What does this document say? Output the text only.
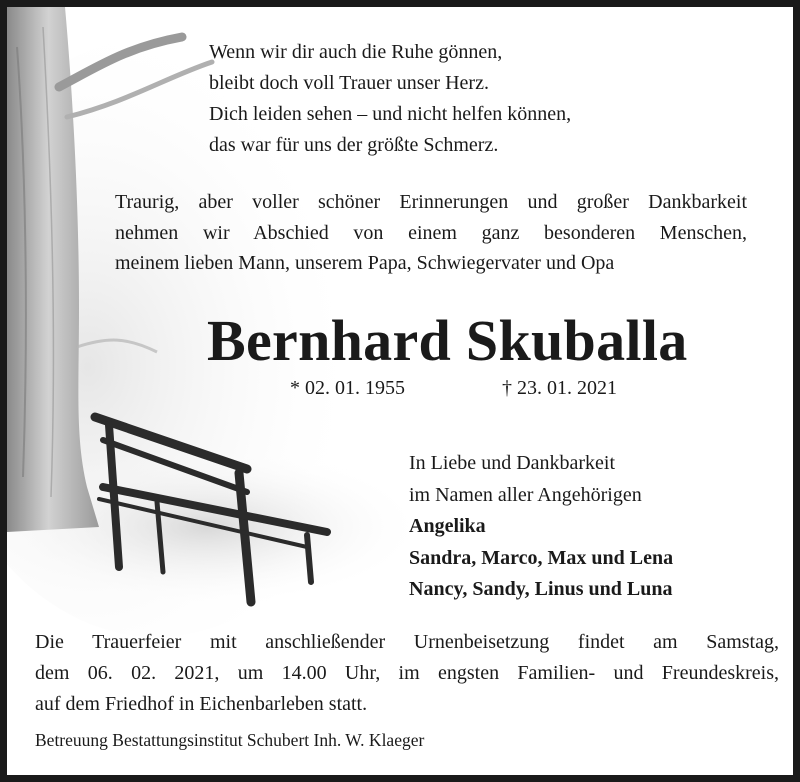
Wenn wir dir auch die Ruhe gönnen,
bleibt doch voll Trauer unser Herz.
Dich leiden sehen – und nicht helfen können,
das war für uns der größte Schmerz.
Traurig, aber voller schöner Erinnerungen und großer Dankbarkeit
nehmen wir Abschied von einem ganz besonderen Menschen,
meinem lieben Mann, unserem Papa, Schwiegervater und Opa
Bernhard Skuballa
* 02. 01. 1955	† 23. 01. 2021
In Liebe und Dankbarkeit
im Namen aller Angehörigen
Angelika
Sandra, Marco, Max und Lena
Nancy, Sandy, Linus und Luna
Die Trauerfeier mit anschließender Urnenbeisetzung findet am Samstag,
dem 06. 02. 2021, um 14.00 Uhr, im engsten Familien- und Freundeskreis,
auf dem Friedhof in Eichenbarleben statt.
Betreuung Bestattungsinstitut Schubert Inh. W. Klaeger
